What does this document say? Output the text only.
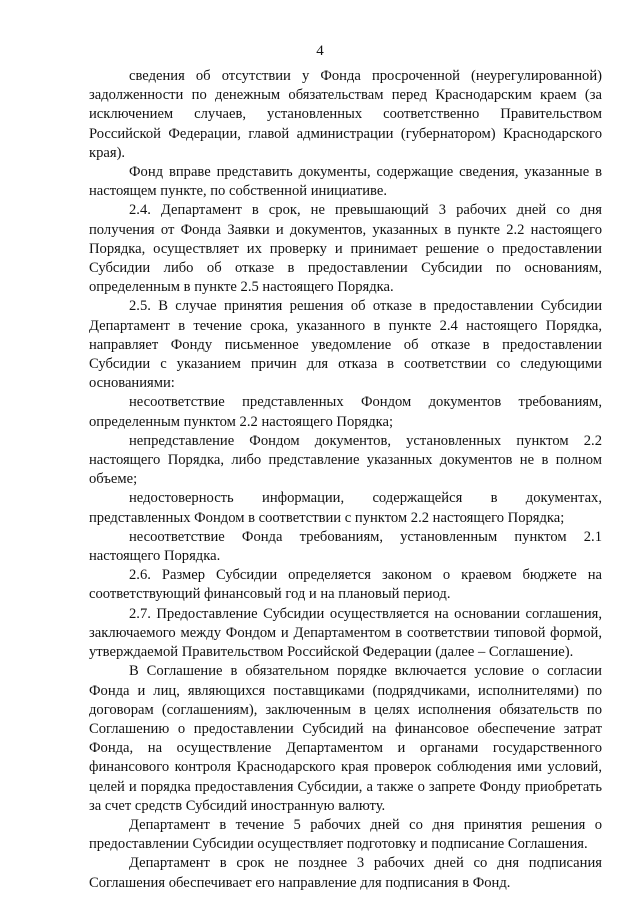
4

сведения об отсутствии у Фонда просроченной (неурегулированной) задолженности по денежным обязательствам перед Краснодарским краем (за исключением случаев, установленных соответственно Правительством Российской Федерации, главой администрации (губернатором) Краснодарского края).

Фонд вправе представить документы, содержащие сведения, указанные в настоящем пункте, по собственной инициативе.

2.4. Департамент в срок, не превышающий 3 рабочих дней со дня получения от Фонда Заявки и документов, указанных в пункте 2.2 настоящего Порядка, осуществляет их проверку и принимает решение о предоставлении Субсидии либо об отказе в предоставлении Субсидии по основаниям, определенным в пункте 2.5 настоящего Порядка.

2.5. В случае принятия решения об отказе в предоставлении Субсидии Департамент в течение срока, указанного в пункте 2.4 настоящего Порядка, направляет Фонду письменное уведомление об отказе в предоставлении Субсидии с указанием причин для отказа в соответствии со следующими основаниями:

несоответствие представленных Фондом документов требованиям, определенным пунктом 2.2 настоящего Порядка;

непредставление Фондом документов, установленных пунктом 2.2 настоящего Порядка, либо представление указанных документов не в полном объеме;

недостоверность информации, содержащейся в документах, представленных Фондом в соответствии с пунктом 2.2 настоящего Порядка;

несоответствие Фонда требованиям, установленным пунктом 2.1 настоящего Порядка.

2.6. Размер Субсидии определяется законом о краевом бюджете на соответствующий финансовый год и на плановый период.

2.7. Предоставление Субсидии осуществляется на основании соглашения, заключаемого между Фондом и Департаментом в соответствии типовой формой, утверждаемой Правительством Российской Федерации (далее – Соглашение).

В Соглашение в обязательном порядке включается условие о согласии Фонда и лиц, являющихся поставщиками (подрядчиками, исполнителями) по договорам (соглашениям), заключенным в целях исполнения обязательств по Соглашению о предоставлении Субсидий на финансовое обеспечение затрат Фонда, на осуществление Департаментом и органами государственного финансового контроля Краснодарского края проверок соблюдения ими условий, целей и порядка предоставления Субсидии, а также о запрете Фонду приобретать за счет средств Субсидий иностранную валюту.

Департамент в течение 5 рабочих дней со дня принятия решения о предоставлении Субсидии осуществляет подготовку и подписание Соглашения.

Департамент в срок не позднее 3 рабочих дней со дня подписания Соглашения обеспечивает его направление для подписания в Фонд.
